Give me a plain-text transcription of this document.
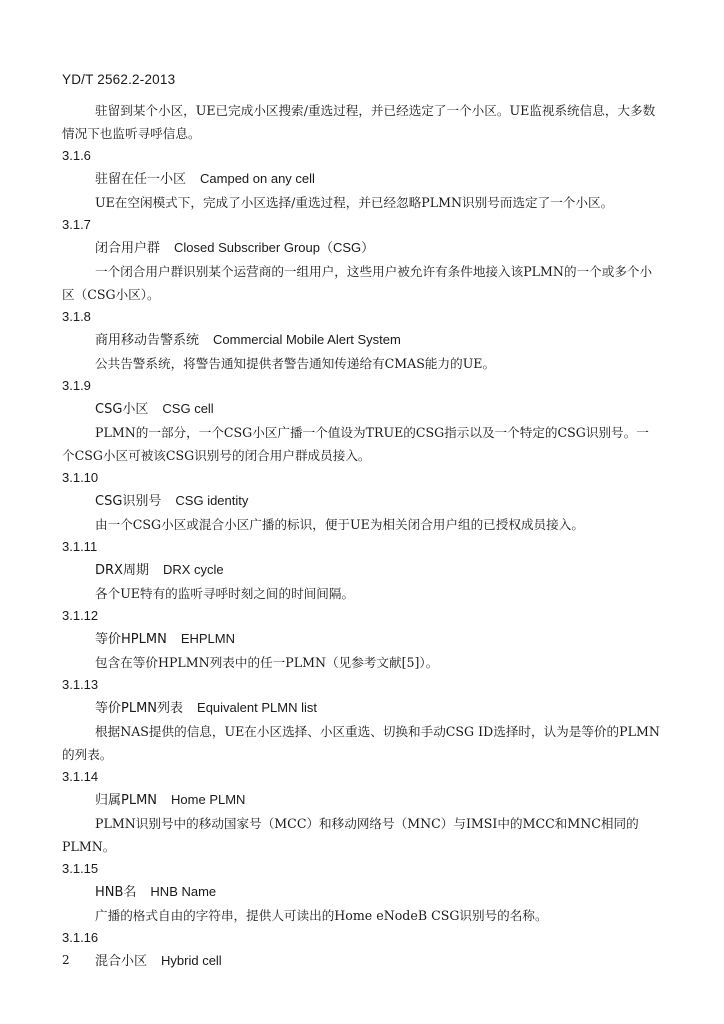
YD/T 2562.2-2013

驻留到某个小区，UE已完成小区搜索/重选过程，并已经选定了一个小区。UE监视系统信息，大多数情况下也监听寻呼信息。

3.1.6
驻留在任一小区 Camped on any cell

UE在空闲模式下，完成了小区选择/重选过程，并已经忽略PLMN识别号而选定了一个小区。

3.1.7
闭合用户群 Closed Subscriber Group（CSG）

一个闭合用户群识别某个运营商的一组用户，这些用户被允许有条件地接入该PLMN的一个或多个小区（CSG小区）。

3.1.8
商用移动告警系统 Commercial Mobile Alert System

公共告警系统，将警告通知提供者警告通知传递给有CMAS能力的UE。

3.1.9
CSG小区 CSG cell

PLMN的一部分，一个CSG小区广播一个值设为TRUE的CSG指示以及一个特定的CSG识别号。一个CSG小区可被该CSG识别号的闭合用户群成员接入。

3.1.10
CSG识别号 CSG identity

由一个CSG小区或混合小区广播的标识，便于UE为相关闭合用户组的已授权成员接入。

3.1.11
DRX周期 DRX cycle

各个UE特有的监听寻呼时刻之间的时间间隔。

3.1.12
等价HPLMN EHPLMN

包含在等价HPLMN列表中的任一PLMN（见参考文献[5]）。

3.1.13
等价PLMN列表 Equivalent PLMN list

根据NAS提供的信息，UE在小区选择、小区重选、切换和手动CSG ID选择时，认为是等价的PLMN的列表。

3.1.14
归属PLMN Home PLMN

PLMN识别号中的移动国家号（MCC）和移动网络号（MNC）与IMSI中的MCC和MNC相同的PLMN。

3.1.15
HNB名 HNB Name

广播的格式自由的字符串，提供人可读出的Home eNodeB CSG识别号的名称。

3.1.16
混合小区 Hybrid cell
2
